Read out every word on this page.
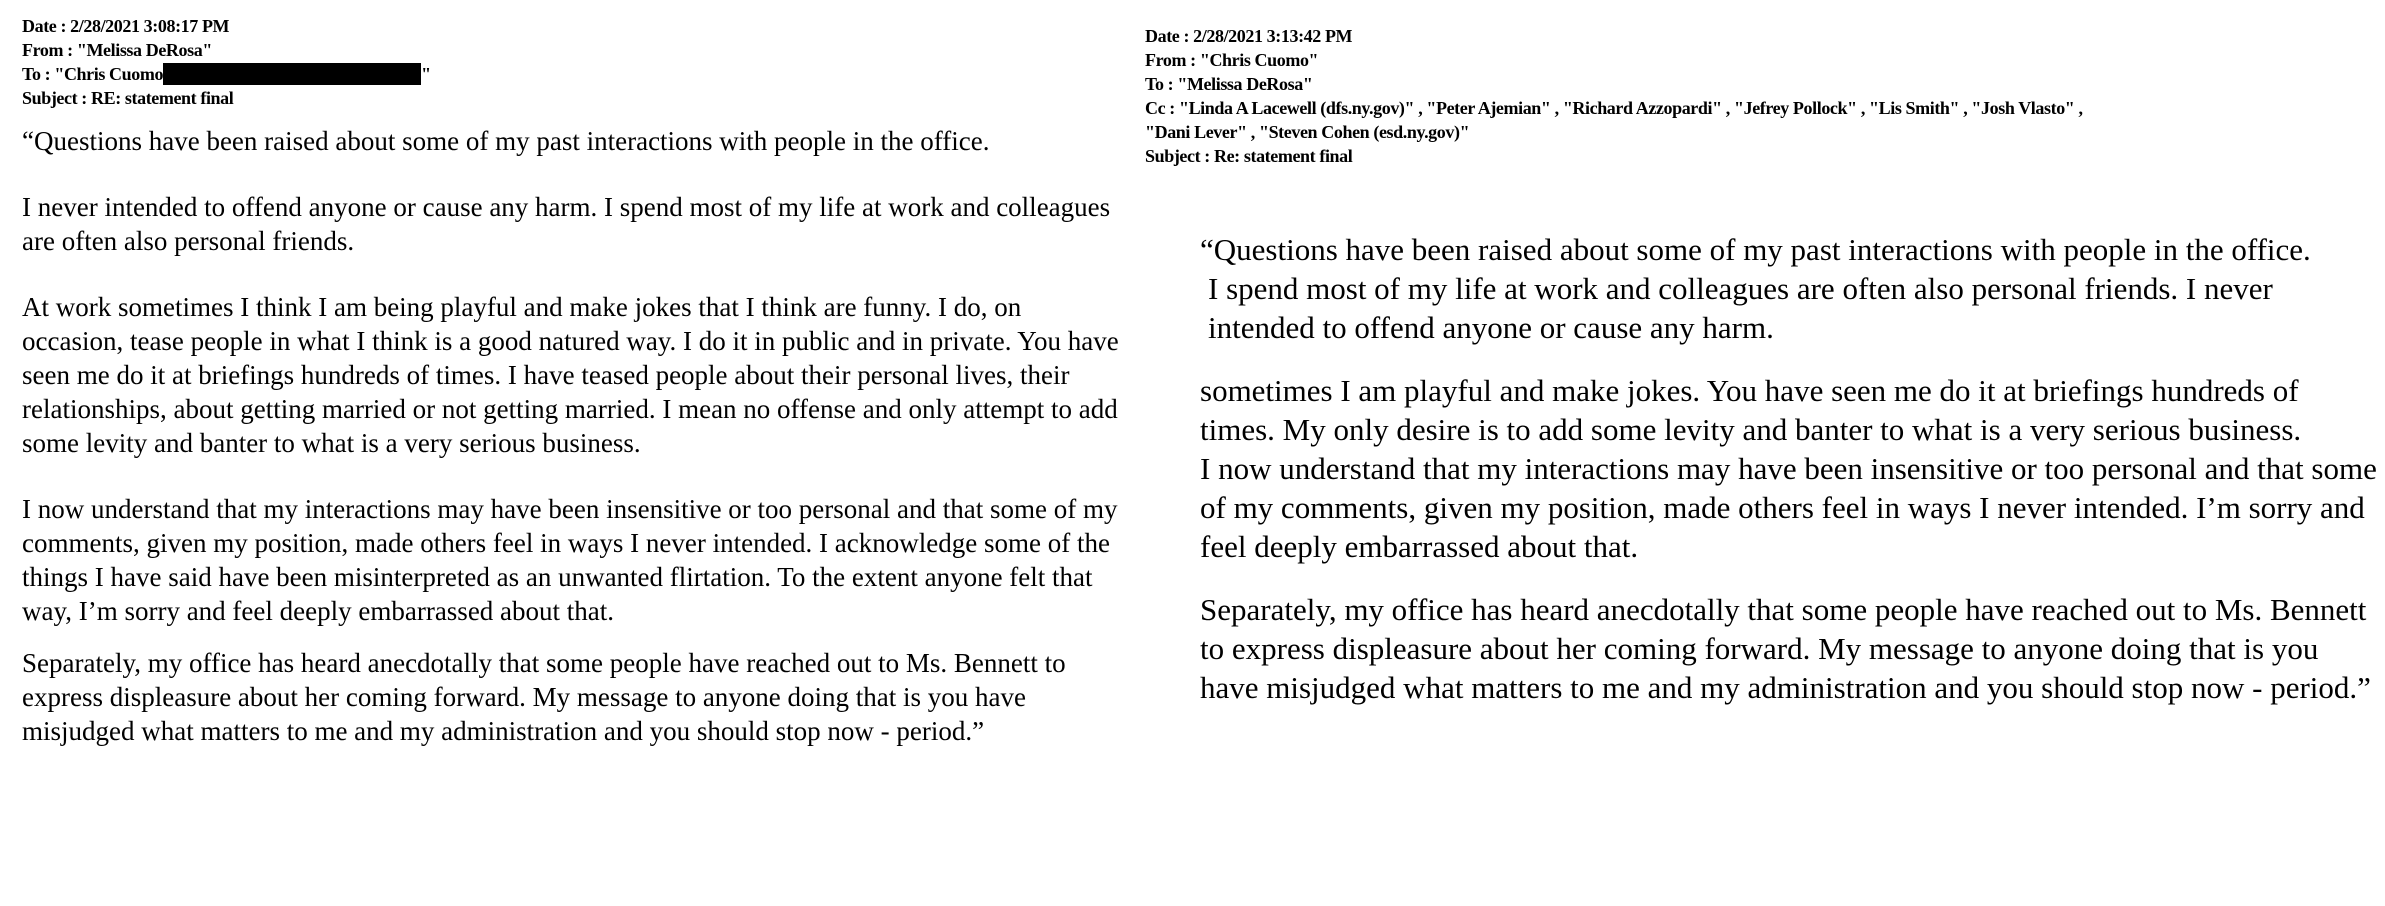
Date : 2/28/2021 3:08:17 PM
From : "Melissa DeRosa"
To : "Chris Cuomo	"
Subject : RE: statement final

“Questions have been raised about some of my past interactions with people in the office.

I never intended to offend anyone or cause any harm. I spend most of my life at work and colleagues are often also personal friends.

At work sometimes I think I am being playful and make jokes that I think are funny. I do, on occasion, tease people in what I think is a good natured way. I do it in public and in private. You have seen me do it at briefings hundreds of times. I have teased people about their personal lives, their relationships, about getting married or not getting married. I mean no offense and only attempt to add some levity and banter to what is a very serious business.

I now understand that my interactions may have been insensitive or too personal and that some of my comments, given my position, made others feel in ways I never intended. I acknowledge some of the things I have said have been misinterpreted as an unwanted flirtation. To the extent anyone felt that way, I’m sorry and feel deeply embarrassed about that.

Separately, my office has heard anecdotally that some people have reached out to Ms. Bennett to express displeasure about her coming forward. My message to anyone doing that is you have misjudged what matters to me and my administration and you should stop now - period.”

Date : 2/28/2021 3:13:42 PM
From : "Chris Cuomo"
To : "Melissa DeRosa"
Cc : "Linda A Lacewell (dfs.ny.gov)" , "Peter Ajemian" , "Richard Azzopardi" , "Jefrey Pollock" , "Lis Smith" , "Josh Vlasto" ,
"Dani Lever" , "Steven Cohen (esd.ny.gov)"
Subject : Re: statement final

“Questions have been raised about some of my past interactions with people in the office.

I spend most of my life at work and colleagues are often also personal friends. I never intended to offend anyone or cause any harm.

sometimes I am playful and make jokes. You have seen me do it at briefings hundreds of times. My only desire is to add some levity and banter to what is a very serious business.

I now understand that my interactions may have been insensitive or too personal and that some of my comments, given my position, made others feel in ways I never intended. I’m sorry and feel deeply embarrassed about that.

Separately, my office has heard anecdotally that some people have reached out to Ms. Bennett to express displeasure about her coming forward. My message to anyone doing that is you have misjudged what matters to me and my administration and you should stop now - period.”
